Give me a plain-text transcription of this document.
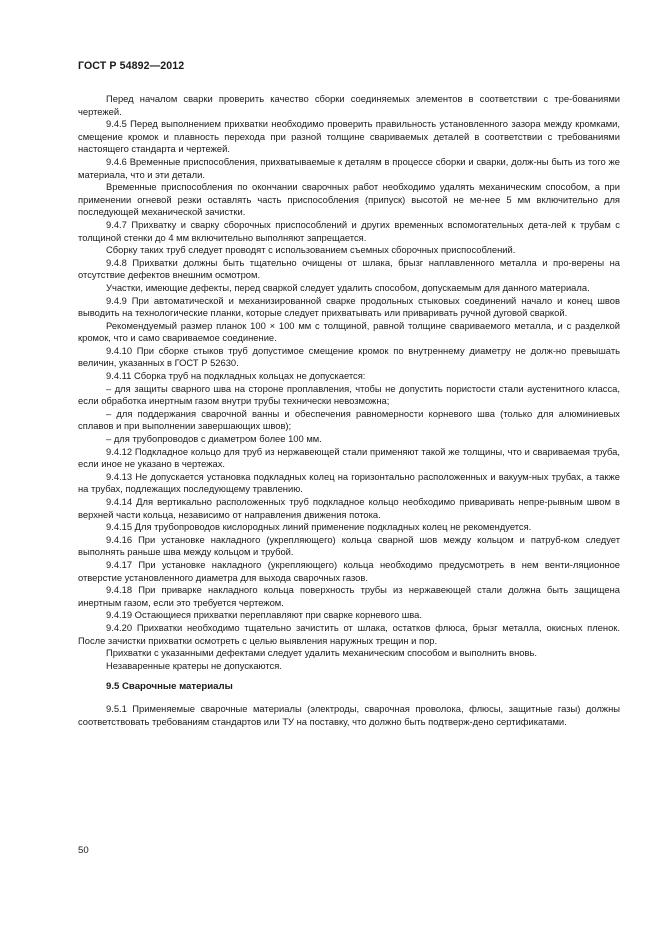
ГОСТ Р 54892—2012

Перед началом сварки проверить качество сборки соединяемых элементов в соответствии с тре-бованиями чертежей.

9.4.5 Перед выполнением прихватки необходимо проверить правильность установленного зазора между кромками, смещение кромок и плавность перехода при разной толщине свариваемых деталей в соответствии с требованиями настоящего стандарта и чертежей.

9.4.6 Временные приспособления, прихватываемые к деталям в процессе сборки и сварки, долж-ны быть из того же материала, что и эти детали.

Временные приспособления по окончании сварочных работ необходимо удалять механическим способом, а при применении огневой резки оставлять часть приспособления (припуск) высотой не ме-нее 5 мм включительно для последующей механической зачистки.

9.4.7 Прихватку и сварку сборочных приспособлений и других временных вспомогательных дета-лей к трубам с толщиной стенки до 4 мм включительно выполняют запрещается.

Сборку таких труб следует проводят с использованием съемных сборочных приспособлений.

9.4.8 Прихватки должны быть тщательно очищены от шлака, брызг наплавленного металла и про-верены на отсутствие дефектов внешним осмотром.

Участки, имеющие дефекты, перед сваркой следует удалить способом, допускаемым для данного материала.

9.4.9 При автоматической и механизированной сварке продольных стыковых соединений начало и конец швов выводить на технологические планки, которые следует прихватывать или приваривать ручной дуговой сваркой.

Рекомендуемый размер планок 100 × 100 мм с толщиной, равной толщине свариваемого металла, и с разделкой кромок, что и само свариваемое соединение.

9.4.10 При сборке стыков труб допустимое смещение кромок по внутреннему диаметру не долж-но превышать величин, указанных в ГОСТ Р 52630.

9.4.11 Сборка труб на подкладных кольцах не допускается:

– для защиты сварного шва на стороне проплавления, чтобы не допустить пористости стали аустенитного класса, если обработка инертным газом внутри трубы технически невозможна;

– для поддержания сварочной ванны и обеспечения равномерности корневого шва (только для алюминиевых сплавов и при выполнении завершающих швов);

– для трубопроводов с диаметром более 100 мм.

9.4.12 Подкладное кольцо для труб из нержавеющей стали применяют такой же толщины, что и свариваемая труба, если иное не указано в чертежах.

9.4.13 Не допускается установка подкладных колец на горизонтально расположенных и вакуум-ных трубах, а также на трубах, подлежащих последующему травлению.

9.4.14 Для вертикально расположенных труб подкладное кольцо необходимо приваривать непре-рывным швом в верхней части кольца, независимо от направления движения потока.

9.4.15 Для трубопроводов кислородных линий применение подкладных колец не рекомендуется.

9.4.16 При установке накладного (укрепляющего) кольца сварной шов между кольцом и патруб-ком следует выполнять раньше шва между кольцом и трубой.

9.4.17 При установке накладного (укрепляющего) кольца необходимо предусмотреть в нем венти-ляционное отверстие установленного диаметра для выхода сварочных газов.

9.4.18 При приварке накладного кольца поверхность трубы из нержавеющей стали должна быть защищена инертным газом, если это требуется чертежом.

9.4.19 Остающиеся прихватки переплавляют при сварке корневого шва.

9.4.20 Прихватки необходимо тщательно зачистить от шлака, остатков флюса, брызг металла, окисных пленок. После зачистки прихватки осмотреть с целью выявления наружных трещин и пор.

Прихватки с указанными дефектами следует удалить механическим способом и выполнить вновь.

Незаваренные кратеры не допускаются.

9.5 Сварочные материалы

9.5.1 Применяемые сварочные материалы (электроды, сварочная проволока, флюсы, защитные газы) должны соответствовать требованиям стандартов или ТУ на поставку, что должно быть подтверж-дено сертификатами.

50
